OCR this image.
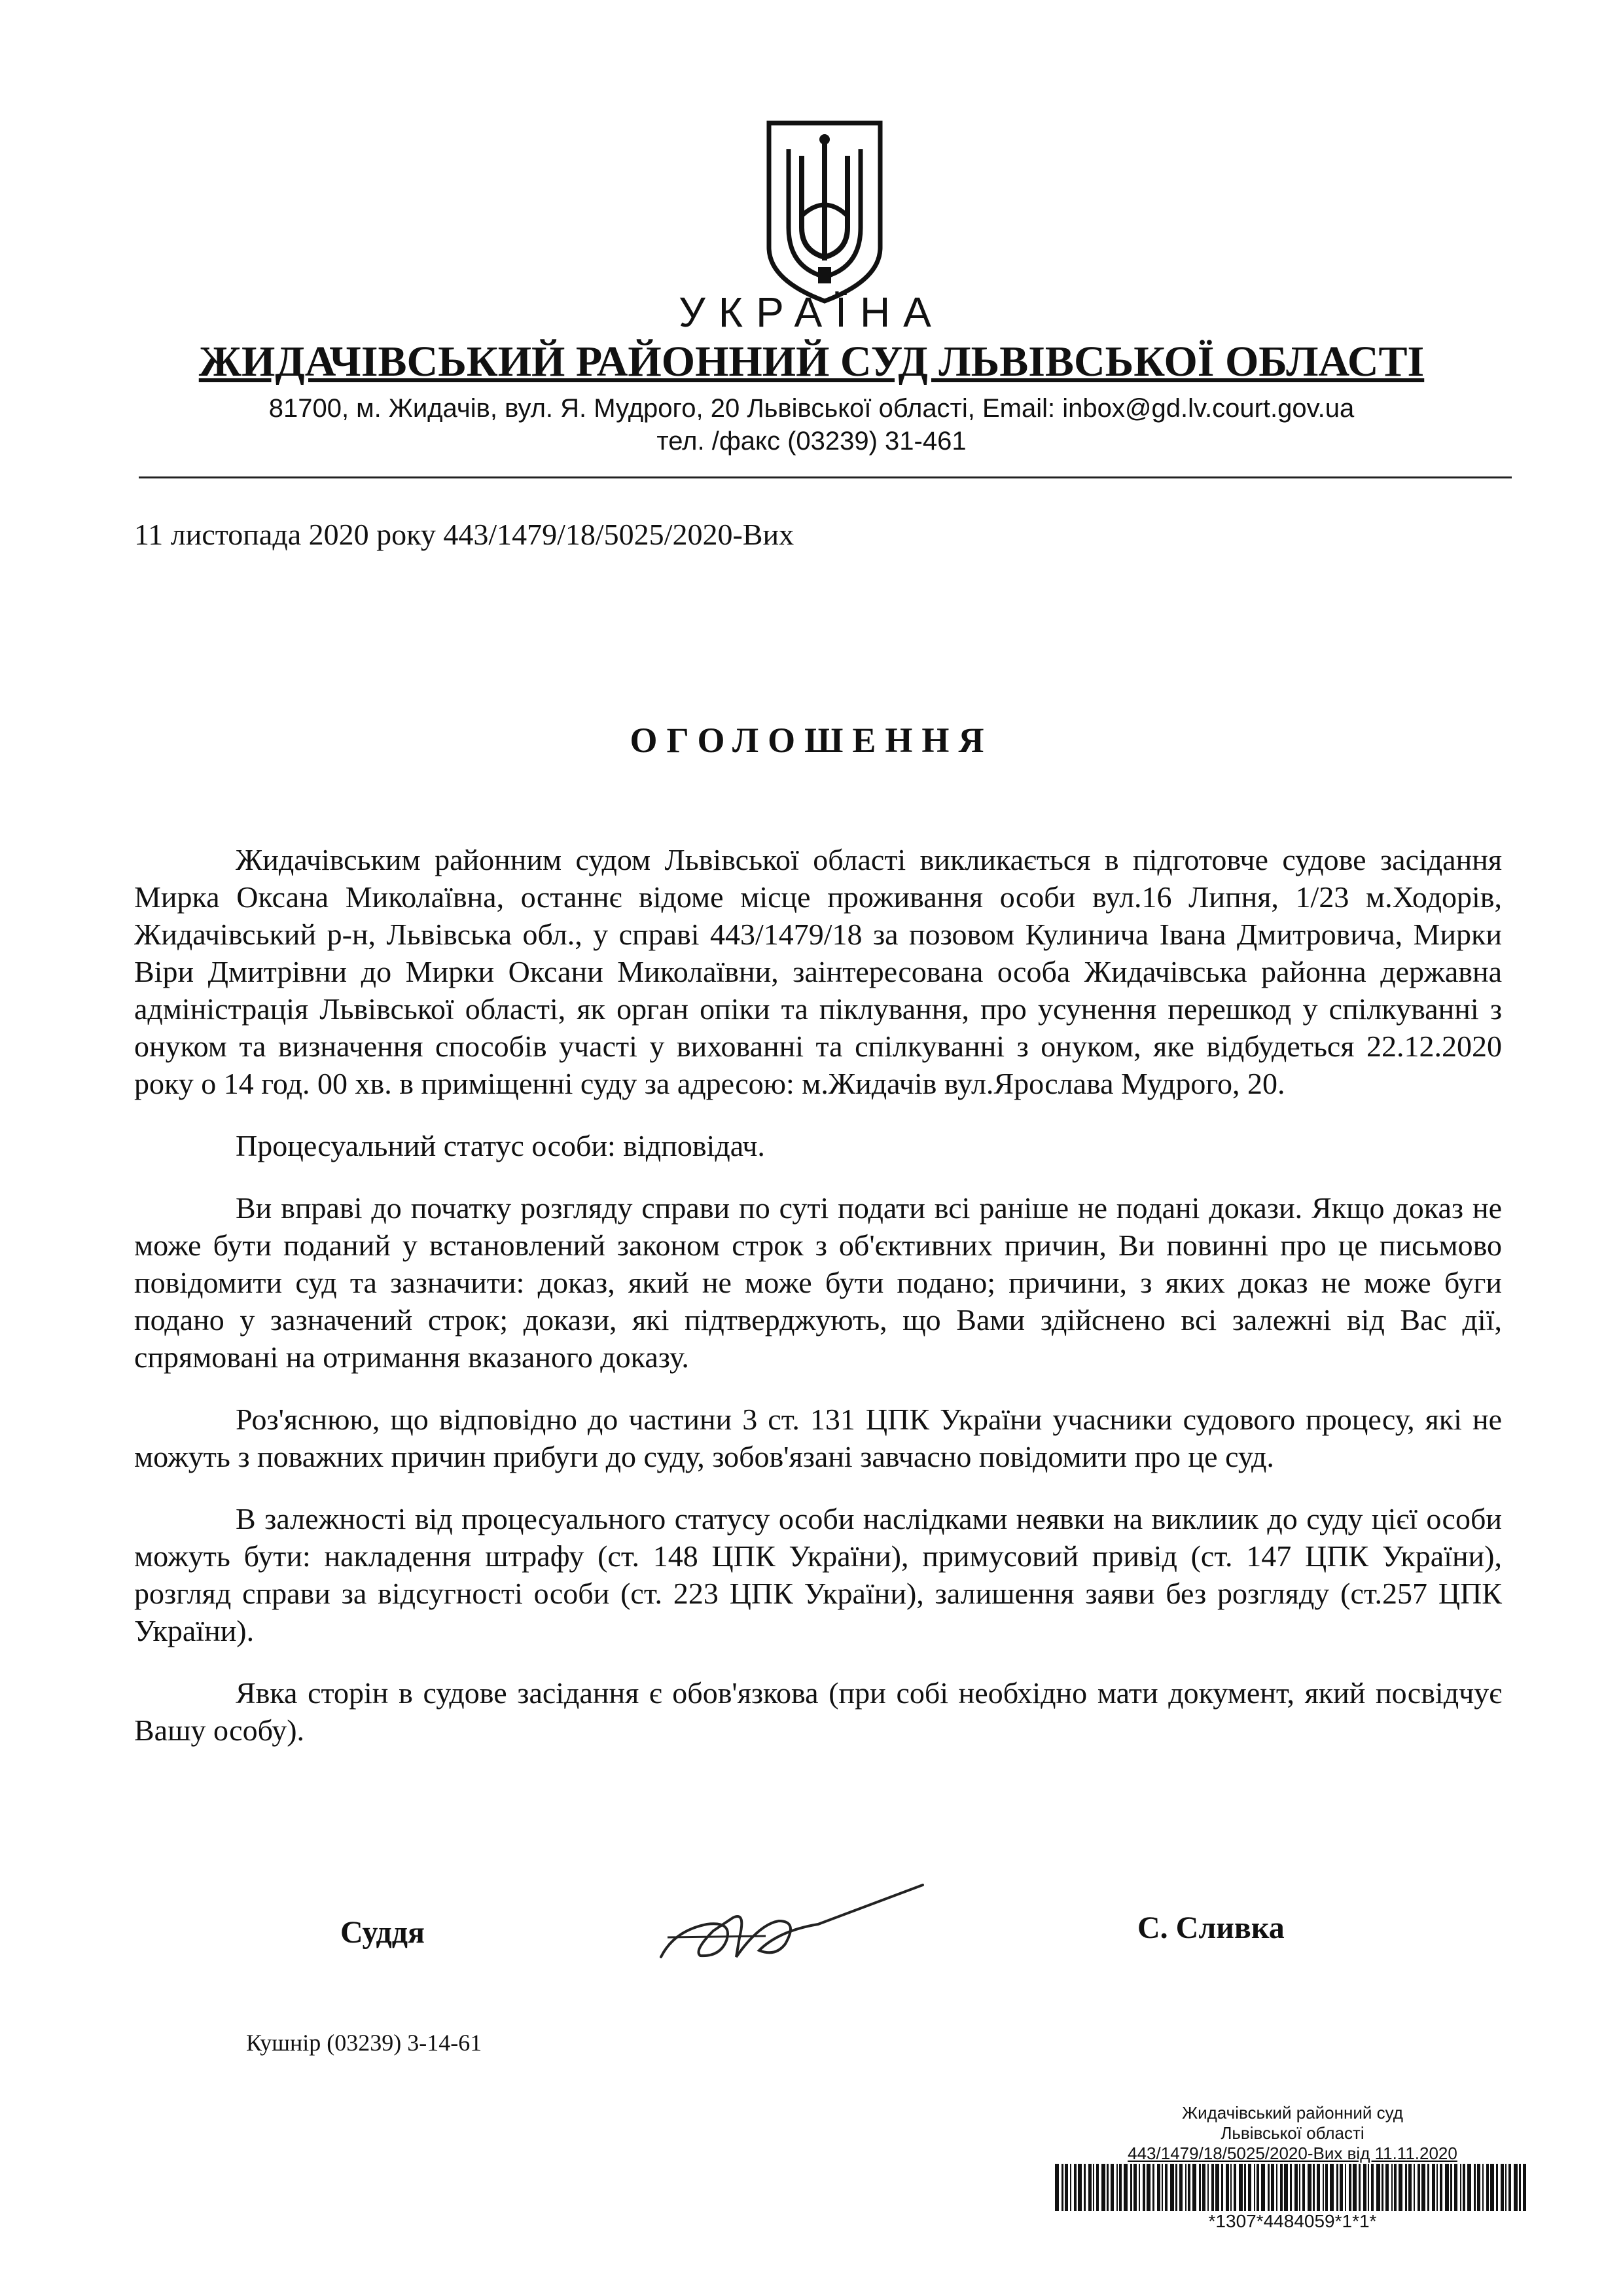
УКРАЇНА
ЖИДАЧІВСЬКИЙ РАЙОННИЙ СУД ЛЬВІВСЬКОЇ ОБЛАСТІ
81700, м. Жидачів, вул. Я. Мудрого, 20 Львівської області, Email: inbox@gd.lv.court.gov.ua
тел. /факс (03239) 31-461
11 листопада 2020 року 443/1479/18/5025/2020-Вих
ОГОЛОШЕННЯ

Жидачівським районним судом Львівської області викликається в підготовче судове засідання Мирка Оксана Миколаївна, останнє відоме місце проживання особи вул.16 Липня, 1/23 м.Ходорів, Жидачівський р-н, Львівська обл., у справі 443/1479/18 за позовом Кулинича Івана Дмитровича, Мирки Віри Дмитрівни до Мирки Оксани Миколаївни, заінтересована особа Жидачівська районна державна адміністрація Львівської області, як орган опіки та піклування, про усунення перешкод у спілкуванні з онуком та визначення способів участі у вихованні та спілкуванні з онуком, яке відбудеться 22.12.2020 року о 14 год. 00 хв. в приміщенні суду за адресою: м.Жидачів вул.Ярослава Мудрого, 20.

Процесуальний статус особи: відповідач.

Ви вправі до початку розгляду справи по суті подати всі раніше не подані докази. Якщо доказ не може бути поданий у встановлений законом строк з об'єктивних причин, Ви повинні про це письмово повідомити суд та зазначити: доказ, який не може бути подано; причини, з яких доказ не може буги подано у зазначений строк; докази, які підтверджують, що Вами здійснено всі залежні від Вас дії, спрямовані на отримання вказаного доказу.

Роз'яснюю, що відповідно до частини 3 ст. 131 ЦПК України учасники судового процесу, які не можуть з поважних причин прибуги до суду, зобов'язані завчасно повідомити про це суд.

В залежності від процесуального статусу особи наслідками неявки на виклиик до суду цієї особи можуть бути: накладення штрафу (ст. 148 ЦПК України), примусовий привід (ст. 147 ЦПК України), розгляд справи за відсугності особи (ст. 223 ЦПК України), залишення заяви без розгляду (ст.257 ЦПК України).

Явка сторін в судове засідання є обов'язкова (при собі необхідно мати документ, який посвідчує Вашу особу).

Суддя	С. Сливка
Кушнір (03239) 3-14-61
Жидачівський районний суд
Львівської області
443/1479/18/5025/2020-Вих від 11.11.2020
*1307*4484059*1*1*
